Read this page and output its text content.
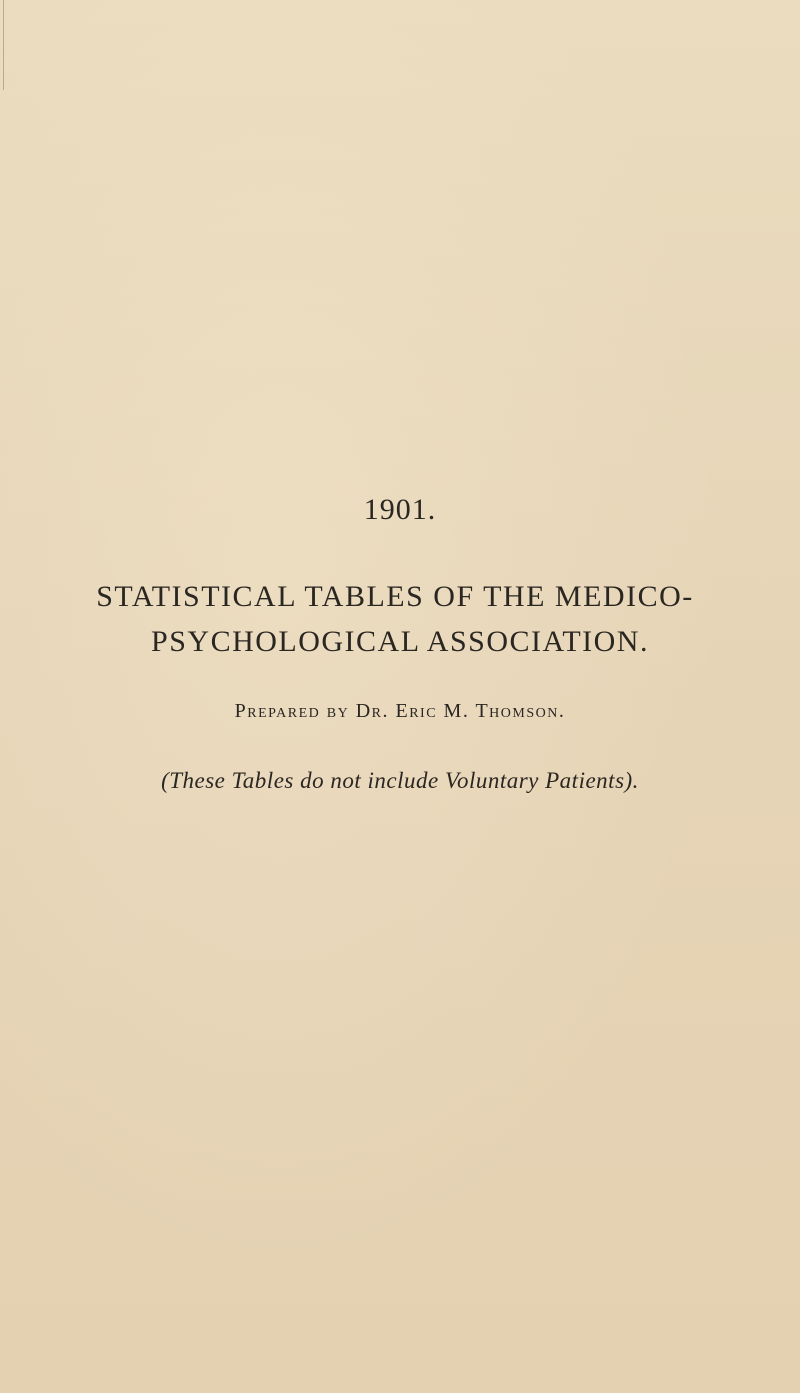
1901.
STATISTICAL TABLES OF THE MEDICO-
PSYCHOLOGICAL ASSOCIATION.
Prepared by Dr. Eric M. Thomson.
(These Tables do not include Voluntary Patients).
